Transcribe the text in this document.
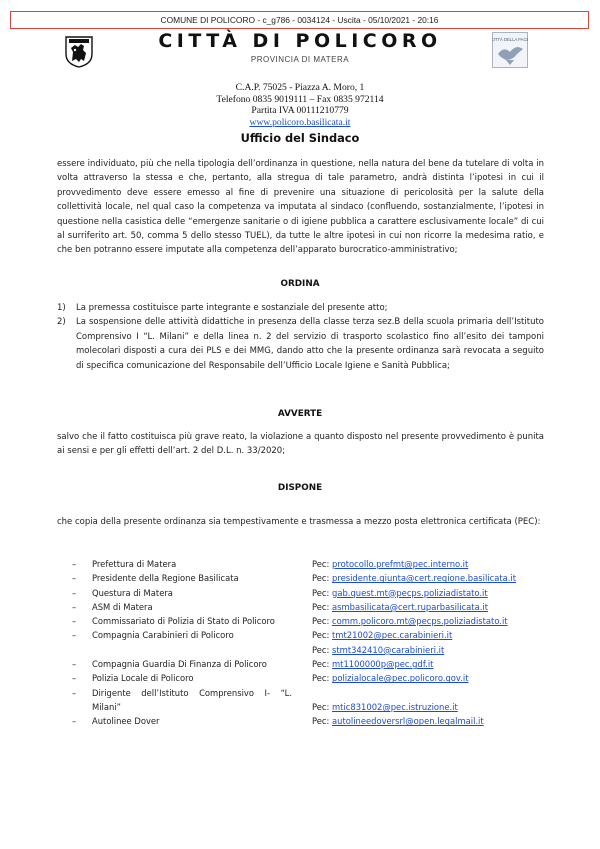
COMUNE DI POLICORO - c_g786 - 0034124 - Uscita - 05/10/2021 - 20:16
CITTÀ DI POLICORO
PROVINCIA DI MATERA
CITTÀ DELLA PACE
C.A.P. 75025 - Piazza A. Moro, 1
Telefono 0835 9019111 – Fax 0835 972114
Partita IVA 00111210779
www.policoro.basilicata.it
Ufficio del Sindaco
essere individuato, più che nella tipologia dell’ordinanza in questione, nella natura del bene da tutelare di volta in volta attraverso la stessa e che, pertanto, alla stregua di tale parametro, andrà distinta l’ipotesi in cui il provvedimento deve essere emesso al fine di prevenire una situazione di pericolosità per la salute della collettività locale, nel qual caso la competenza va imputata al sindaco (confluendo, sostanzialmente, l’ipotesi in questione nella casistica delle “emergenze sanitarie o di igiene pubblica a carattere esclusivamente locale” di cui al surriferito art. 50, comma 5 dello stesso TUEL), da tutte le altre ipotesi in cui non ricorre la medesima ratio, e che ben potranno essere imputate alla competenza dell’apparato burocratico-amministrativo;
ORDINA
1) La premessa costituisce parte integrante e sostanziale del presente atto;
2) La sospensione delle attività didattiche in presenza della classe terza sez.B della scuola primaria dell’Istituto Comprensivo I “L. Milani” e della linea n. 2 del servizio di trasporto scolastico fino all’esito dei tamponi molecolari disposti a cura dei PLS e dei MMG, dando atto che la presente ordinanza sarà revocata a seguito di specifica comunicazione del Responsabile dell’Ufficio Locale Igiene e Sanità Pubblica;
AVVERTE
salvo che il fatto costituisca più grave reato, la violazione a quanto disposto nel presente provvedimento è punita ai sensi e per gli effetti dell’art. 2 del D.L. n. 33/2020;
DISPONE
che copia della presente ordinanza sia tempestivamente e trasmessa a mezzo posta elettronica certificata (PEC):
– Prefettura di Matera	Pec: protocollo.prefmt@pec.interno.it
– Presidente della Regione Basilicata	Pec: presidente.giunta@cert.regione.basilicata.it
– Questura di Matera	Pec: gab.quest.mt@pecps.poliziadistato.it
– ASM di Matera	Pec: asmbasilicata@cert.ruparbasilicata.it
– Commissariato di Polizia di Stato di Policoro	Pec: comm.policoro.mt@pecps.poliziadistato.it
– Compagnia Carabinieri di Policoro	Pec: tmt21002@pec.carabinieri.it
Pec: stmt342410@carabinieri.it
– Compagnia Guardia Di Finanza di Policoro	Pec: mt1100000p@pec.gdf.it
– Polizia Locale di Policoro	Pec: polizialocale@pec.policoro.gov.it
– Dirigente dell’Istituto Comprensivo I- “L. Milani”	Pec: mtic831002@pec.istruzione.it
– Autolinee Dover	Pec: autolineedoversrl@open.legalmail.it
